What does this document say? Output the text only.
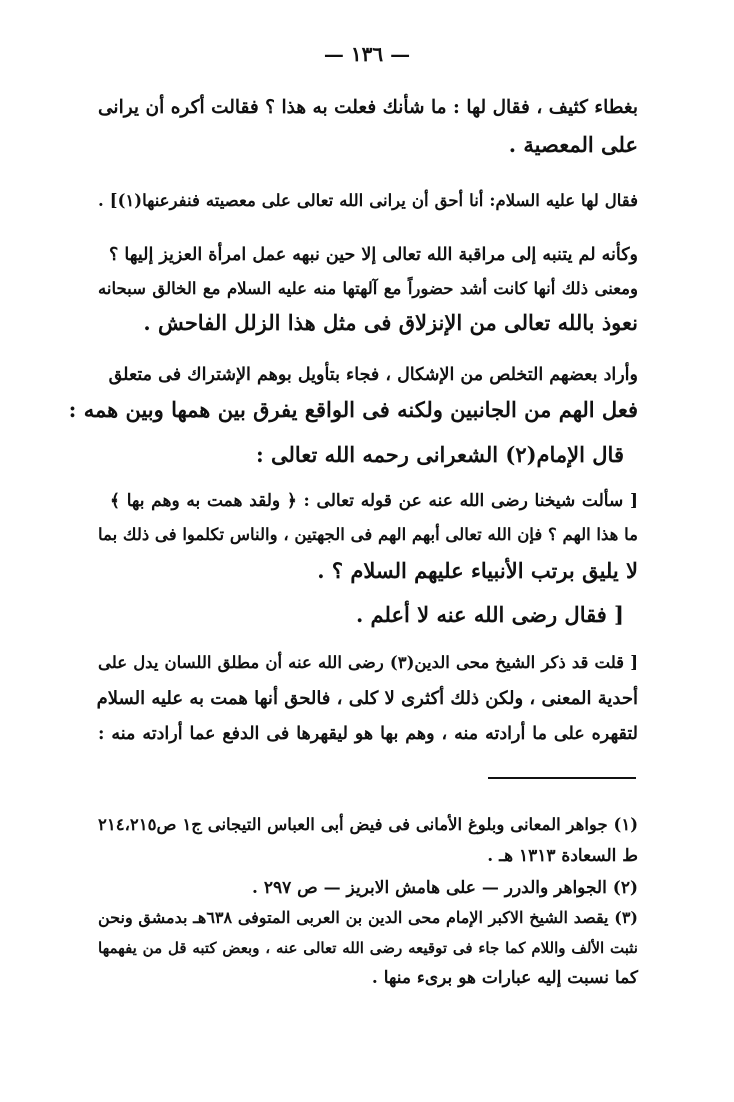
— ١٣٦ —
بغطاء كثيف ، فقال لها : ما شأنك فعلت به هذا ؟ فقالت أكره أن يرانى
على المعصية .
فقال لها عليه السلام: أنا أحق أن يرانى الله تعالى على معصيته فنفرعنها(١)] .
وكأنه لم يتنبه إلى مراقبة الله تعالى إلا حين نبهه عمل امرأة العزيز إليها ؟
ومعنى ذلك أنها كانت أشد حضوراً مع آلهتها منه عليه السلام مع الخالق سبحانه
نعوذ بالله تعالى من الإنزلاق فى مثل هذا الزلل الفاحش .
وأراد بعضهم التخلص من الإشكال ، فجاء بتأويل بوهم الإشتراك فى متعلق
فعل الهم من الجانبين ولكنه فى الواقع يفرق بين همها وبين همه :
قال الإمام(٢) الشعرانى رحمه الله تعالى :
[ سألت شيخنا رضى الله عنه عن قوله تعالى : ﴿ ولقد همت به وهم بها ﴾
ما هذا الهم ؟ فإن الله تعالى أبهم الهم فى الجهتين ، والناس تكلموا فى ذلك بما
لا يليق برتب الأنبياء عليهم السلام ؟ .
[ فقال رضى الله عنه لا أعلم .
[ قلت قد ذكر الشيخ محى الدين(٣) رضى الله عنه أن مطلق اللسان يدل على
أحدية المعنى ، ولكن ذلك أكثرى لا كلى ، فالحق أنها همت به عليه السلام
لتقهره على ما أرادته منه ، وهم بها هو ليقهرها فى الدفع عما أرادته منه :
(١) جواهر المعانى وبلوغ الأمانى فى فيض أبى العباس التيجانى ج١ ص٢١٤،٢١٥
ط السعادة ١٣١٣ هـ .
(٢) الجواهر والدرر — على هامش الابريز — ص ٢٩٧ .
(٣) يقصد الشيخ الاكبر الإمام محى الدين بن العربى المتوفى ٦٣٨هـ بدمشق ونحن
نثبت الألف واللام كما جاء فى توقيعه رضى الله تعالى عنه ، وبعض كتبه قل من يفهمها
كما نسبت إليه عبارات هو برىء منها .
